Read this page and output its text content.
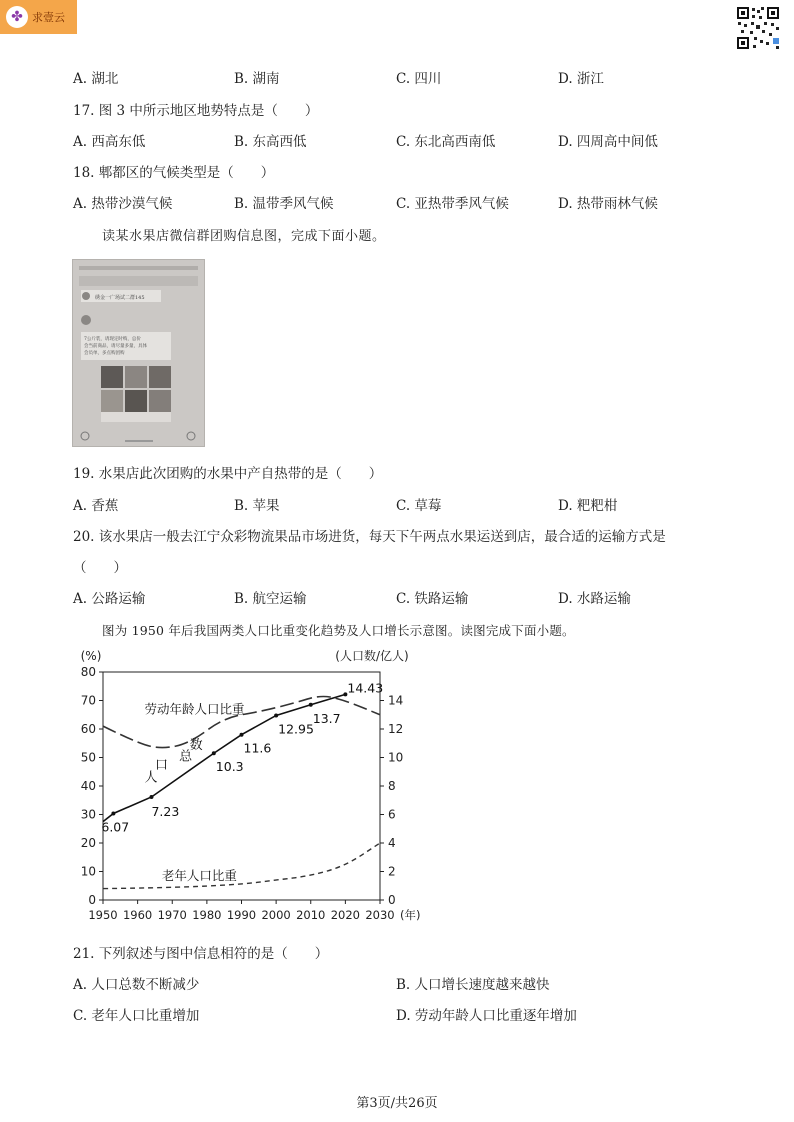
✤ 求壹云
A. 湖北	B. 湖南	C. 四川	D. 浙江
17. 图 3 中所示地区地势特点是（　　）
A. 西高东低	B. 东高西低	C. 东北高西南低	D. 四周高中间低
18. 郫都区的气候类型是（　　）
A. 热带沙漠气候	B. 温带季风气候	C. 亚热带季风气候	D. 热带雨林气候
读某水果店微信群团购信息图，完成下面小题。
绣金一广场试二群145
7公斤装，请现定时购，总价 会当前商品，请尽量多量，具体 会员单，多点购团购
19. 水果店此次团购的水果中产自热带的是（　　）
A. 香蕉	B. 苹果	C. 草莓	D. 粑粑柑
20. 该水果店一般去江宁众彩物流果品市场进货，每天下午两点水果运送到店，最合适的运输方式是
（　　）
A. 公路运输	B. 航空运输	C. 铁路运输	D. 水路运输
图为 1950 年后我国两类人口比重变化趋势及人口增长示意图。读图完成下面小题。
0
10
20
30
40
50
60
70
80
0
2
4
6
8
10
12
14
1950 1960 1970 1980 1990 2000 2010 2020 2030 (年)
(%)	(人口数/亿人)
6.07
7.23
10.3
11.6
12.95
13.7
14.43
人
口
总
数
劳动年龄人口比重
老年人口比重
21. 下列叙述与图中信息相符的是（　　）
A. 人口总数不断减少	B. 人口增长速度越来越快
C. 老年人口比重增加	D. 劳动年龄人口比重逐年增加
第3页/共26页
